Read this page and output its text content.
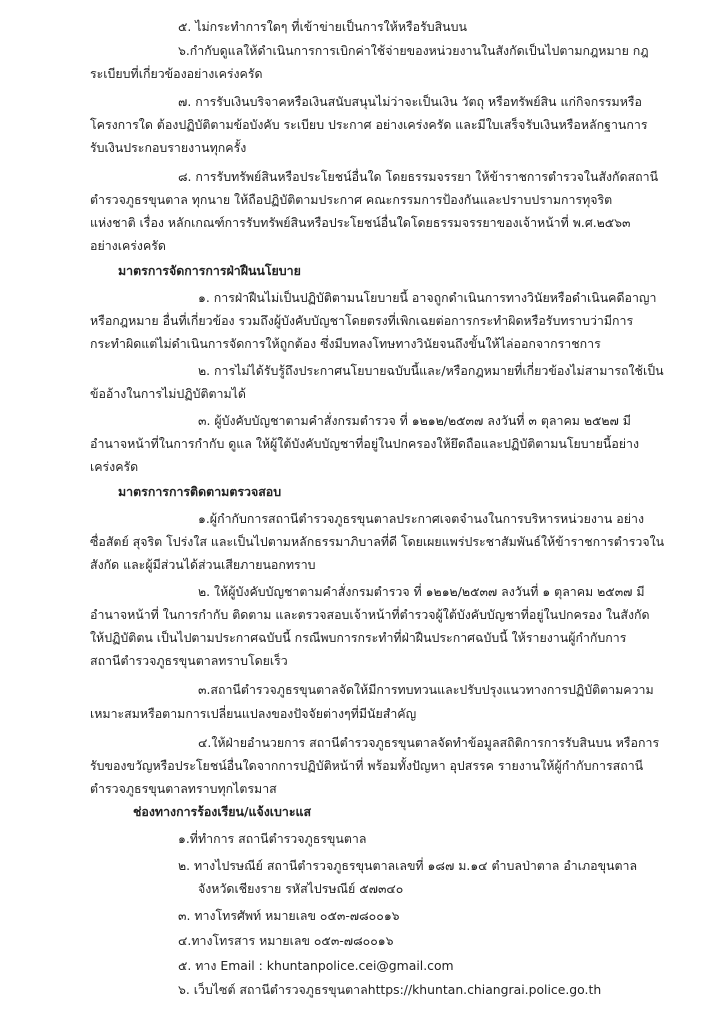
๕. ไม่กระทำการใดๆ ที่เข้าข่ายเป็นการให้หรือรับสินบน
๖.กำกับดูแลให้ดำเนินการการเบิกค่าใช้จ่ายของหน่วยงานในสังกัดเป็นไปตามกฎหมาย กฎ
ระเบียบที่เกี่ยวข้องอย่างเคร่งครัด
๗. การรับเงินบริจาคหรือเงินสนับสนุนไม่ว่าจะเป็นเงิน วัตถุ หรือทรัพย์สิน แก่กิจกรรมหรือ
โครงการใด ต้องปฏิบัติตามข้อบังคับ ระเบียบ ประกาศ อย่างเคร่งครัด และมีใบเสร็จรับเงินหรือหลักฐานการ
รับเงินประกอบรายงานทุกครั้ง
๘. การรับทรัพย์สินหรือประโยชน์อื่นใด โดยธรรมจรรยา ให้ข้าราชการตำรวจในสังกัดสถานี
ตำรวจภูธรขุนตาล ทุกนาย ให้ถือปฏิบัติตามประกาศ คณะกรรมการป้องกันและปราบปรามการทุจริต
แห่งชาติ เรื่อง หลักเกณฑ์การรับทรัพย์สินหรือประโยชน์อื่นใดโดยธรรมจรรยาของเจ้าหน้าที่ พ.ศ.๒๕๖๓
อย่างเคร่งครัด
มาตรการจัดการการฝ่าฝืนนโยบาย
๑. การฝ่าฝืนไม่เป็นปฏิบัติตามนโยบายนี้ อาจถูกดำเนินการทางวินัยหรือดำเนินคดีอาญา
หรือกฎหมาย อื่นที่เกี่ยวข้อง รวมถึงผู้บังคับบัญชาโดยตรงที่เพิกเฉยต่อการกระทำผิดหรือรับทราบว่ามีการ
กระทำผิดแต่ไม่ดำเนินการจัดการให้ถูกต้อง ซึ่งมีบทลงโทษทางวินัยจนถึงขั้นให้ไล่ออกจากราชการ
๒. การไม่ได้รับรู้ถึงประกาศนโยบายฉบับนี้และ/หรือกฎหมายที่เกี่ยวข้องไม่สามารถใช้เป็น
ข้ออ้างในการไม่ปฏิบัติตามได้
๓. ผู้บังคับบัญชาตามคำสั่งกรมตำรวจ ที่ ๑๒๑๒/๒๕๓๗ ลงวันที่ ๓ ตุลาคม ๒๕๒๗ มี
อำนาจหน้าที่ในการกำกับ ดูแล ให้ผู้ใต้บังคับบัญชาที่อยู่ในปกครองให้ยึดถือและปฏิบัติตามนโยบายนี้อย่าง
เคร่งครัด
มาตรการการติดตามตรวจสอบ
๑.ผู้กำกับการสถานีตำรวจภูธรขุนตาลประกาศเจตจำนงในการบริหารหน่วยงาน อย่าง
ซื่อสัตย์ สุจริต โปร่งใส และเป็นไปตามหลักธรรมาภิบาลที่ดี โดยเผยแพร่ประชาสัมพันธ์ให้ข้าราชการตำรวจใน
สังกัด และผู้มีส่วนได้ส่วนเสียภายนอกทราบ
๒. ให้ผู้บังคับบัญชาตามคำสั่งกรมตำรวจ ที่ ๑๒๑๒/๒๕๓๗ ลงวันที่ ๑ ตุลาคม ๒๕๓๗ มี
อำนาจหน้าที่ ในการกำกับ ติดตาม และตรวจสอบเจ้าหน้าที่ตำรวจผู้ใต้บังคับบัญชาที่อยู่ในปกครอง ในสังกัด
ให้ปฏิบัติตน เป็นไปตามประกาศฉบับนี้ กรณีพบการกระทำที่ฝ่าฝืนประกาศฉบับนี้ ให้รายงานผู้กำกับการ
สถานีตำรวจภูธรขุนตาลทราบโดยเร็ว
๓.สถานีตำรวจภูธรขุนตาลจัดให้มีการทบทวนและปรับปรุงแนวทางการปฏิบัติตามความ
เหมาะสมหรือตามการเปลี่ยนแปลงของปัจจัยต่างๆที่มีนัยสำคัญ
๔.ให้ฝ่ายอำนวยการ สถานีตำรวจภูธรขุนตาลจัดทำข้อมูลสถิติการการรับสินบน หรือการ
รับของขวัญหรือประโยชน์อื่นใดจากการปฏิบัติหน้าที่ พร้อมทั้งปัญหา อุปสรรค รายงานให้ผู้กำกับการสถานี
ตำรวจภูธรขุนตาลทราบทุกไตรมาส
ช่องทางการร้องเรียน/แจ้งเบาะแส
๑.ที่ทำการ สถานีตำรวจภูธรขุนตาล
๒. ทางไปรษณีย์ สถานีตำรวจภูธรขุนตาลเลขที่ ๑๘๗ ม.๑๔ ตำบลป่าตาล อำเภอขุนตาล
จังหวัดเชียงราย รหัสไปรษณีย์ ๕๗๓๔๐
๓. ทางโทรศัพท์ หมายเลข ๐๕๓-๗๘๐๐๑๖
๔.ทางโทรสาร หมายเลข ๐๕๓-๗๘๐๐๑๖
๕. ทาง Email : khuntanpolice.cei@gmail.com
๖. เว็บไซต์ สถานีตำรวจภูธรขุนตาลhttps://khuntan.chiangrai.police.go.th
